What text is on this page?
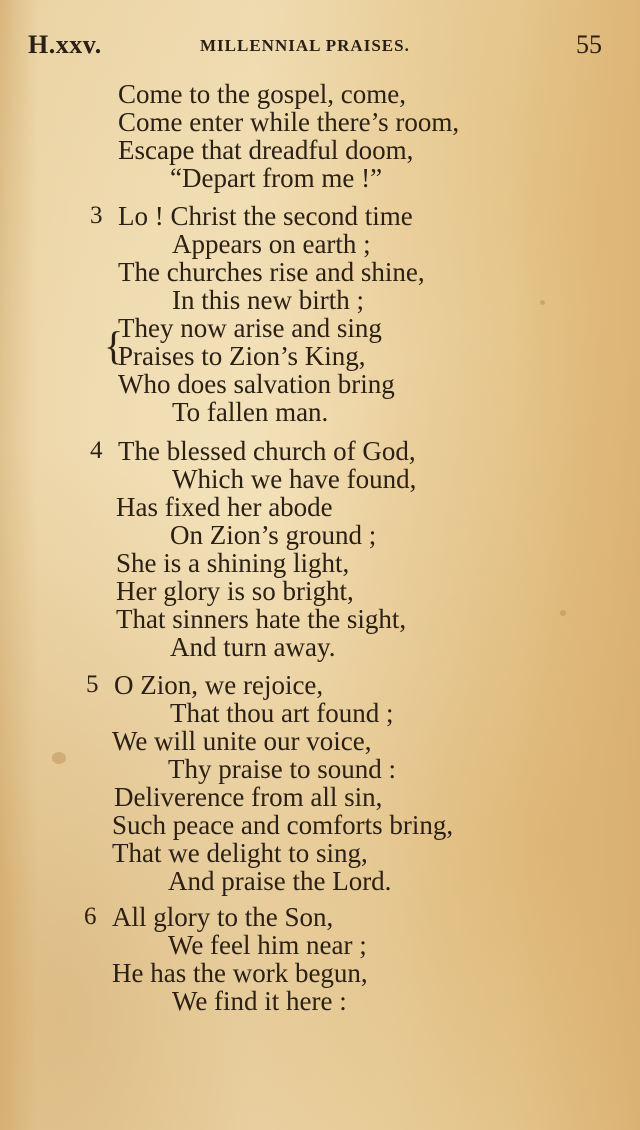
H.xxv.	MILLENNIAL PRAISES.	55
Come to the gospel, come,
Come enter while there’s room,
Escape that dreadful doom,
“Depart from me !”
3 Lo ! Christ the second time
Appears on earth ;
The churches rise and shine,
In this new birth ;
{
They now arise and sing
Praises to Zion’s King,
Who does salvation bring
To fallen man.
4 The blessed church of God,
Which we have found,
Has fixed her abode
On Zion’s ground ;
She is a shining light,
Her glory is so bright,
That sinners hate the sight,
And turn away.
5 O Zion, we rejoice,
That thou art found ;
We will unite our voice,
Thy praise to sound :
Deliverence from all sin,
Such peace and comforts bring,
That we delight to sing,
And praise the Lord.
6 All glory to the Son,
We feel him near ;
He has the work begun,
We find it here :
